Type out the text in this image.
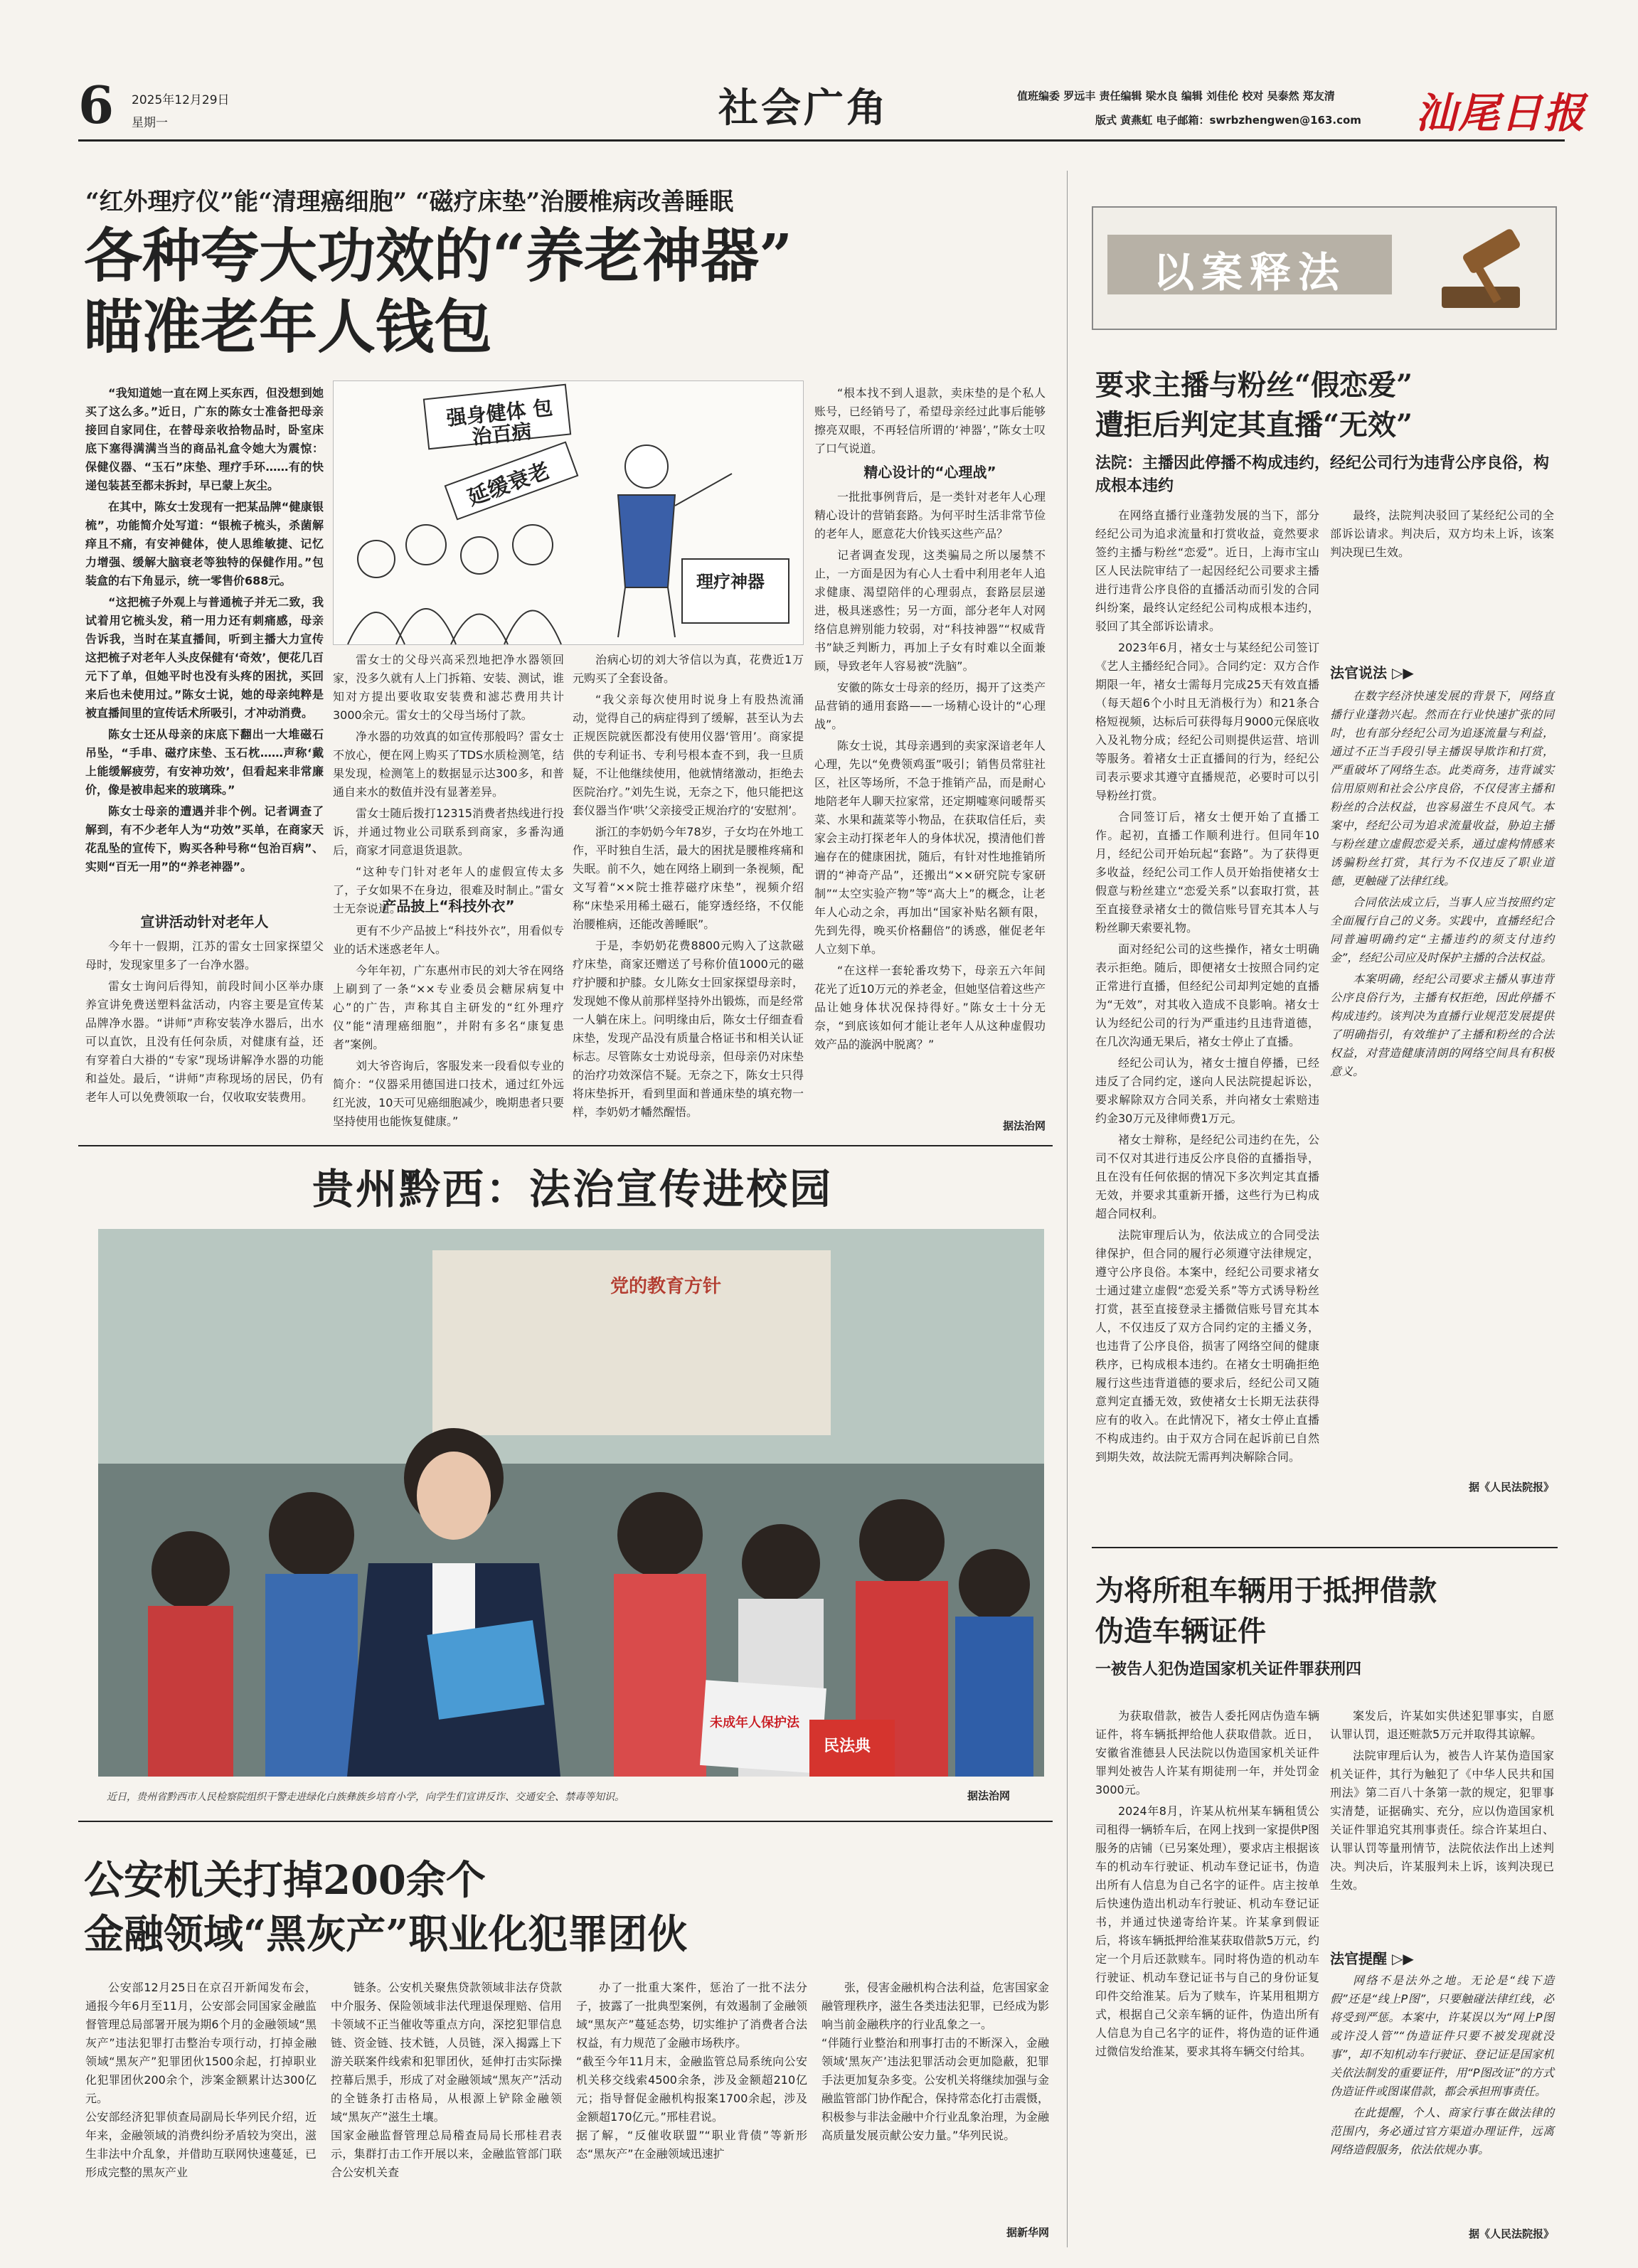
6 2025年12月29日
星期一	社会广角	值班编委 罗远丰 责任编辑 梁水良 编辑 刘佳伦 校对 吴泰然 郑友清
版式 黄燕虹 电子邮箱：swrbzhengwen@163.com 汕尾日报
“红外理疗仪”能“清理癌细胞” “磁疗床垫”治腰椎病改善睡眠
各种夸大功效的“养老神器”
瞄准老年人钱包
强身健体 包治百病
延缓衰老
理疗神器

“我知道她一直在网上买东西，但没想到她买了这么多。”近日，广东的陈女士准备把母亲接回自家同住，在替母亲收拾物品时，卧室床底下塞得满满当当的商品礼盒令她大为震惊：保健仪器、“玉石”床垫、理疗手环……有的快递包装甚至都未拆封，早已蒙上灰尘。

在其中，陈女士发现有一把某品牌“健康银梳”，功能简介处写道：“银梳子梳头，杀菌解痒且不痛，有安神健体，使人思维敏捷、记忆力增强、缓解大脑衰老等独特的保健作用。”包装盒的右下角显示，统一零售价688元。

“这把梳子外观上与普通梳子并无二致，我试着用它梳头发，稍一用力还有刺痛感，母亲告诉我，当时在某直播间，听到主播大力宣传这把梳子对老年人头皮保健有‘奇效’，便花几百元下了单，但她平时也没有头疼的困扰，买回来后也未使用过。”陈女士说，她的母亲纯粹是被直播间里的宣传话术所吸引，才冲动消费。

陈女士还从母亲的床底下翻出一大堆磁石吊坠，“手串、磁疗床垫、玉石枕……声称‘戴上能缓解疲劳，有安神功效’，但看起来非常廉价，像是被串起来的玻璃珠。”

陈女士母亲的遭遇并非个例。记者调查了解到，有不少老年人为“功效”买单，在商家天花乱坠的宣传下，购买各种号称“包治百病”、实则“百无一用”的“养老神器”。

宣讲活动针对老年人

今年十一假期，江苏的雷女士回家探望父母时，发现家里多了一台净水器。

雷女士询问后得知，前段时间小区举办康养宣讲免费送塑料盆活动，内容主要是宣传某品牌净水器。“讲师”声称安装净水器后，出水可以直饮，且没有任何杂质，对健康有益，还有穿着白大褂的“专家”现场讲解净水器的功能和益处。最后，“讲师”声称现场的居民，仍有老年人可以免费领取一台，仅收取安装费用。

雷女士的父母兴高采烈地把净水器领回家，没多久就有人上门拆箱、安装、测试，谁知对方提出要收取安装费和滤芯费用共计3000余元。雷女士的父母当场付了款。

净水器的功效真的如宣传那般吗？雷女士不放心，便在网上购买了TDS水质检测笔，结果发现，检测笔上的数据显示达300多，和普通自来水的数值并没有显著差异。

雷女士随后拨打12315消费者热线进行投诉，并通过物业公司联系到商家，多番沟通后，商家才同意退货退款。

“这种专门针对老年人的虚假宣传太多了，子女如果不在身边，很难及时制止。”雷女士无奈说道。

产品披上“科技外衣”

更有不少产品披上“科技外衣”，用看似专业的话术迷惑老年人。

今年年初，广东惠州市民的刘大爷在网络上刷到了一条“××专业委员会糖尿病复中心”的广告，声称其自主研发的“红外理疗仪”能“清理癌细胞”，并附有多名“康复患者”案例。

刘大爷咨询后，客服发来一段看似专业的简介：“仪器采用德国进口技术，通过红外远红光波，10天可见癌细胞减少，晚期患者只要坚持使用也能恢复健康。”

治病心切的刘大爷信以为真，花费近1万元购买了全套设备。

“我父亲每次使用时说身上有股热流涌动，觉得自己的病症得到了缓解，甚至认为去正规医院就医都没有使用仪器‘管用’。商家提供的专利证书、专利号根本查不到，我一旦质疑，不让他继续使用，他就情绪激动，拒绝去医院治疗。”刘先生说，无奈之下，他只能把这套仪器当作‘哄’父亲接受正规治疗的‘安慰剂’。

浙江的李奶奶今年78岁，子女均在外地工作，平时独自生活，最大的困扰是腰椎疼痛和失眠。前不久，她在网络上刷到一条视频，配文写着“××院士推荐磁疗床垫”，视频介绍称“床垫采用稀土磁石，能穿透经络，不仅能治腰椎病，还能改善睡眠”。

于是，李奶奶花费8800元购入了这款磁疗床垫，商家还赠送了号称价值1000元的磁疗护腰和护膝。女儿陈女士回家探望母亲时，发现她不像从前那样坚持外出锻炼，而是经常一人躺在床上。问明缘由后，陈女士仔细查看床垫，发现产品没有质量合格证书和相关认证标志。尽管陈女士劝说母亲，但母亲仍对床垫的治疗功效深信不疑。无奈之下，陈女士只得将床垫拆开，看到里面和普通床垫的填充物一样，李奶奶才幡然醒悟。

“根本找不到人退款，卖床垫的是个私人账号，已经销号了，希望母亲经过此事后能够擦亮双眼，不再轻信所谓的‘神器’，”陈女士叹了口气说道。

精心设计的“心理战”

一批批事例背后，是一类针对老年人心理精心设计的营销套路。为何平时生活非常节俭的老年人，愿意花大价钱买这些产品？

记者调查发现，这类骗局之所以屡禁不止，一方面是因为有心人士看中利用老年人追求健康、渴望陪伴的心理弱点，套路层层递进，极具迷惑性；另一方面，部分老年人对网络信息辨别能力较弱，对“科技神器”“权威背书”缺乏判断力，再加上子女有时难以全面兼顾，导致老年人容易被“洗脑”。

安徽的陈女士母亲的经历，揭开了这类产品营销的通用套路——一场精心设计的“心理战”。

陈女士说，其母亲遇到的卖家深谙老年人心理，先以“免费领鸡蛋”吸引；销售员常驻社区，社区等场所，不急于推销产品，而是耐心地陪老年人聊天拉家常，还定期嘘寒问暖帮买菜、水果和蔬菜等小物品，在获取信任后，卖家会主动打探老年人的身体状况，摸清他们普遍存在的健康困扰，随后，有针对性地推销所谓的“神奇产品”，还搬出“××研究院专家研制”“太空实验产物”等“高大上”的概念，让老年人心动之余，再加出“国家补贴名额有限，先到先得，晚买价格翻倍”的诱惑，催促老年人立刻下单。

“在这样一套轮番攻势下，母亲五六年间花光了近10万元的养老金，但她坚信着这些产品让她身体状况保持得好。”陈女士十分无奈，“到底该如何才能让老年人从这种虚假功效产品的漩涡中脱离？”

据法治网
贵州黔西：法治宣传进校园
党的教育方针
未成年人保护法
民法典
近日，贵州省黔西市人民检察院组织干警走进绿化白族彝族乡培育小学，向学生们宣讲反诈、交通安全、禁毒等知识。	据法治网
公安机关打掉200余个
金融领域“黑灰产”职业化犯罪团伙
公安部12月25日在京召开新闻发布会，通报今年6月至11月，公安部会同国家金融监督管理总局部署开展为期6个月的金融领域“黑灰产”违法犯罪打击整治专项行动，打掉金融领域“黑灰产”犯罪团伙1500余起，打掉职业化犯罪团伙200余个，涉案金额累计达300亿元。
公安部经济犯罪侦查局副局长华列民介绍，近年来，金融领域的消费纠纷矛盾较为突出，滋生非法中介乱象，并借助互联网快速蔓延，已形成完整的黑灰产业
链条。公安机关聚焦贷款领域非法存贷款中介服务、保险领域非法代理退保理赔、信用卡领域不正当催收等重点方向，深挖犯罪信息链、资金链、技术链，人员链，深入揭露上下游关联案件线索和犯罪团伙，延伸打击实际操控幕后黑手，形成了对金融领域“黑灰产”活动的全链条打击格局，从根源上铲除金融领域“黑灰产”滋生土壤。
国家金融监督管理总局稽查局局长邢桂君表示，集群打击工作开展以来，金融监管部门联合公安机关查
办了一批重大案件，惩治了一批不法分子，披露了一批典型案例，有效遏制了金融领域“黑灰产”蔓延态势，切实维护了消费者合法权益，有力规范了金融市场秩序。
“截至今年11月末，金融监管总局系统向公安机关移交线索4500余条，涉及金额超210亿元；指导督促金融机构报案1700余起，涉及金额超170亿元。”邢桂君说。
据了解，“反催收联盟”“职业背债”等新形态“黑灰产”在金融领域迅速扩
张，侵害金融机构合法利益，危害国家金融管理秩序，滋生各类违法犯罪，已经成为影响当前金融秩序的行业乱象之一。
“伴随行业整治和刑事打击的不断深入，金融领域‘黑灰产’违法犯罪活动会更加隐蔽，犯罪手法更加复杂多变。公安机关将继续加强与金融监管部门协作配合，保持常态化打击震慑，积极参与非法金融中介行业乱象治理，为金融高质量发展贡献公安力量。”华列民说。
据新华网
以案释法
要求主播与粉丝“假恋爱”
遭拒后判定其直播“无效”
法院：主播因此停播不构成违约，经纪公司行为违背公序良俗，构成根本违约

在网络直播行业蓬勃发展的当下，部分经纪公司为追求流量和打赏收益，竟然要求签约主播与粉丝“恋爱”。近日，上海市宝山区人民法院审结了一起因经纪公司要求主播进行违背公序良俗的直播活动而引发的合同纠纷案，最终认定经纪公司构成根本违约，驳回了其全部诉讼请求。

2023年6月，褚女士与某经纪公司签订《艺人主播经纪合同》。合同约定：双方合作期限一年，褚女士需每月完成25天有效直播（每天超6个小时且无消极行为）和21条合格短视频，达标后可获得每月9000元保底收入及礼物分成；经纪公司则提供运营、培训等服务。着褚女士正直播间的行为，经纪公司表示要求其遵守直播规范，必要时可以引导粉丝打赏。

合同签订后，褚女士便开始了直播工作。起初，直播工作顺利进行。但同年10月，经纪公司开始玩起“套路”。为了获得更多收益，经纪公司工作人员开始指使褚女士假意与粉丝建立“恋爱关系”以套取打赏，甚至直接登录褚女士的微信账号冒充其本人与粉丝聊天索要礼物。

面对经纪公司的这些操作，褚女士明确表示拒绝。随后，即便褚女士按照合同约定正常进行直播，但经纪公司却判定她的直播为“无效”，对其收入造成不良影响。褚女士认为经纪公司的行为严重违约且违背道德，在几次沟通无果后，褚女士停止了直播。

经纪公司认为，褚女士擅自停播，已经违反了合同约定，遂向人民法院提起诉讼，要求解除双方合同关系，并向褚女士索赔违约金30万元及律师费1万元。

褚女士辩称，是经纪公司违约在先，公司不仅对其进行违反公序良俗的直播指导，且在没有任何依据的情况下多次判定其直播无效，并要求其重新开播，这些行为已构成超合同权利。

法院审理后认为，依法成立的合同受法律保护，但合同的履行必须遵守法律规定，遵守公序良俗。本案中，经纪公司要求褚女士通过建立虚假“恋爱关系”等方式诱导粉丝打赏，甚至直接登录主播微信账号冒充其本人，不仅违反了双方合同约定的主播义务，也违背了公序良俗，损害了网络空间的健康秩序，已构成根本违约。在褚女士明确拒绝履行这些违背道德的要求后，经纪公司又随意判定直播无效，致使褚女士长期无法获得应有的收入。在此情况下，褚女士停止直播不构成违约。由于双方合同在起诉前已自然到期失效，故法院无需再判决解除合同。

最终，法院判决驳回了某经纪公司的全部诉讼请求。判决后，双方均未上诉，该案判决现已生效。

法官说法 ▷▶

在数字经济快速发展的背景下，网络直播行业蓬勃兴起。然而在行业快速扩张的同时，也有部分经纪公司为追逐流量与利益，通过不正当手段引导主播误导欺诈和打赏，严重破坏了网络生态。此类商务，违背诚实信用原则和社会公序良俗，不仅侵害主播和粉丝的合法权益，也容易滋生不良风气。本案中，经纪公司为追求流量收益，胁迫主播与粉丝建立虚假恋爱关系，通过虚构情感来诱骗粉丝打赏，其行为不仅违反了职业道德，更触碰了法律红线。

合同依法成立后，当事人应当按照约定全面履行自己的义务。实践中，直播经纪合同普遍明确约定“主播违约的须支付违约金”，经纪公司应及时保护主播的合法权益。

本案明确，经纪公司要求主播从事违背公序良俗行为，主播有权拒绝，因此停播不构成违约。该判决为直播行业规范发展提供了明确指引，有效维护了主播和粉丝的合法权益，对营造健康清朗的网络空间具有积极意义。

据《人民法院报》
为将所租车辆用于抵押借款
伪造车辆证件
一被告人犯伪造国家机关证件罪获刑四

为获取借款，被告人委托网店伪造车辆证件，将车辆抵押给他人获取借款。近日，安徽省淮德县人民法院以伪造国家机关证件罪判处被告人许某有期徒刑一年，并处罚金3000元。

2024年8月，许某从杭州某车辆租赁公司租得一辆轿车后，在网上找到一家提供P图服务的店铺（已另案处理），要求店主根据该车的机动车行驶证、机动车登记证书，伪造出所有人信息为自己名字的证件。店主按单后快速伪造出机动车行驶证、机动车登记证书，并通过快递寄给许某。许某拿到假证后，将该车辆抵押给淮某获取借款5万元，约定一个月后还款赎车。同时将伪造的机动车行驶证、机动车登记证书与自己的身份证复印件交给淮某。后为了赎车，许某用租期方式，根据自己父亲车辆的证件，伪造出所有人信息为自己名字的证件，将伪造的证件通过微信发给淮某，要求其将车辆交付给其。

案发后，许某如实供述犯罪事实，自愿认罪认罚，退还赃款5万元并取得其谅解。

法院审理后认为，被告人许某伪造国家机关证件，其行为触犯了《中华人民共和国刑法》第二百八十条第一款的规定，犯罪事实清楚，证据确实、充分，应以伪造国家机关证件罪追究其刑事责任。综合许某坦白、认罪认罚等量刑情节，法院依法作出上述判决。判决后，许某服判未上诉，该判决现已生效。

法官提醒 ▷▶

网络不是法外之地。无论是“线下造假”还是“线上P图”，只要触碰法律红线，必将受到严惩。本案中，许某误以为“网上P图或许没人管”“伪造证件只要不被发现就没事”，却不知机动车行驶证、登记证是国家机关依法制发的重要证件，用“P图改证”的方式伪造证件或图谋借款，都会承担刑事责任。

在此提醒，个人、商家行事在做法律的范围内，务必通过官方渠道办理证件，远离网络造假服务，依法依规办事。

据《人民法院报》
